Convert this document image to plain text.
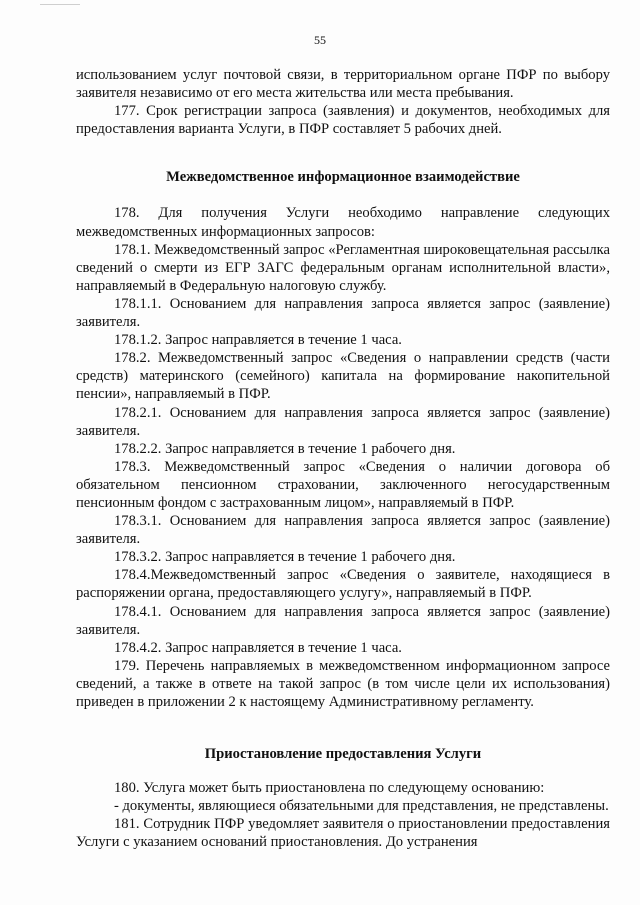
55

использованием услуг почтовой связи, в территориальном органе ПФР по выбору заявителя независимо от его места жительства или места пребывания.

177. Срок регистрации запроса (заявления) и документов, необходимых для предоставления варианта Услуги, в ПФР составляет 5 рабочих дней.

Межведомственное информационное взаимодействие

178. Для получения Услуги необходимо направление следующих межведомственных информационных запросов:

178.1. Межведомственный запрос «Регламентная широковещательная рассылка сведений о смерти из ЕГР ЗАГС федеральным органам исполнительной власти», направляемый в Федеральную налоговую службу.

178.1.1. Основанием для направления запроса является запрос (заявление) заявителя.

178.1.2. Запрос направляется в течение 1 часа.

178.2. Межведомственный запрос «Сведения о направлении средств (части средств) материнского (семейного) капитала на формирование накопительной пенсии», направляемый в ПФР.

178.2.1. Основанием для направления запроса является запрос (заявление) заявителя.

178.2.2. Запрос направляется в течение 1 рабочего дня.

178.3. Межведомственный запрос «Сведения о наличии договора об обязательном пенсионном страховании, заключенного негосударственным пенсионным фондом с застрахованным лицом», направляемый в ПФР.

178.3.1. Основанием для направления запроса является запрос (заявление) заявителя.

178.3.2. Запрос направляется в течение 1 рабочего дня.

178.4.Межведомственный запрос «Сведения о заявителе, находящиеся в распоряжении органа, предоставляющего услугу», направляемый в ПФР.

178.4.1. Основанием для направления запроса является запрос (заявление) заявителя.

178.4.2. Запрос направляется в течение 1 часа.

179. Перечень направляемых в межведомственном информационном запросе сведений, а также в ответе на такой запрос (в том числе цели их использования) приведен в приложении 2 к настоящему Административному регламенту.

Приостановление предоставления Услуги

180. Услуга может быть приостановлена по следующему основанию:

- документы, являющиеся обязательными для представления, не представлены.

181. Сотрудник ПФР уведомляет заявителя о приостановлении предоставления Услуги с указанием оснований приостановления. До устранения
